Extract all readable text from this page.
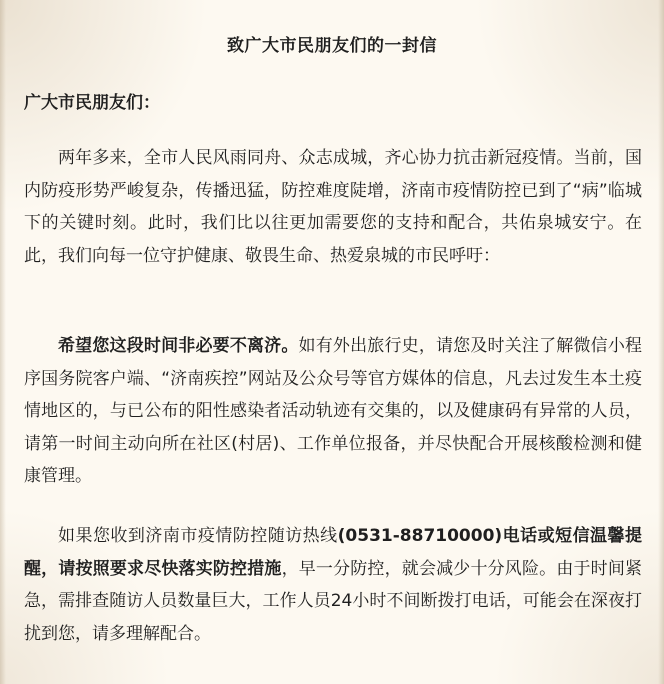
致广大市民朋友们的一封信
广大市民朋友们：

两年多来，全市人民风雨同舟、众志成城，齐心协力抗击新冠疫情。当前，国内防疫形势严峻复杂，传播迅猛，防控难度陡增，济南市疫情防控已到了“病”临城下的关键时刻。此时，我们比以往更加需要您的支持和配合，共佑泉城安宁。在此，我们向每一位守护健康、敬畏生命、热爱泉城的市民呼吁：

希望您这段时间非必要不离济。如有外出旅行史，请您及时关注了解微信小程序国务院客户端、“济南疾控”网站及公众号等官方媒体的信息，凡去过发生本土疫情地区的，与已公布的阳性感染者活动轨迹有交集的，以及健康码有异常的人员，请第一时间主动向所在社区(村居)、工作单位报备，并尽快配合开展核酸检测和健康管理。

如果您收到济南市疫情防控随访热线(0531-88710000)电话或短信温馨提醒，请按照要求尽快落实防控措施，早一分防控，就会减少十分风险。由于时间紧急，需排查随访人员数量巨大，工作人员24小时不间断拨打电话，可能会在深夜打扰到您，请多理解配合。
